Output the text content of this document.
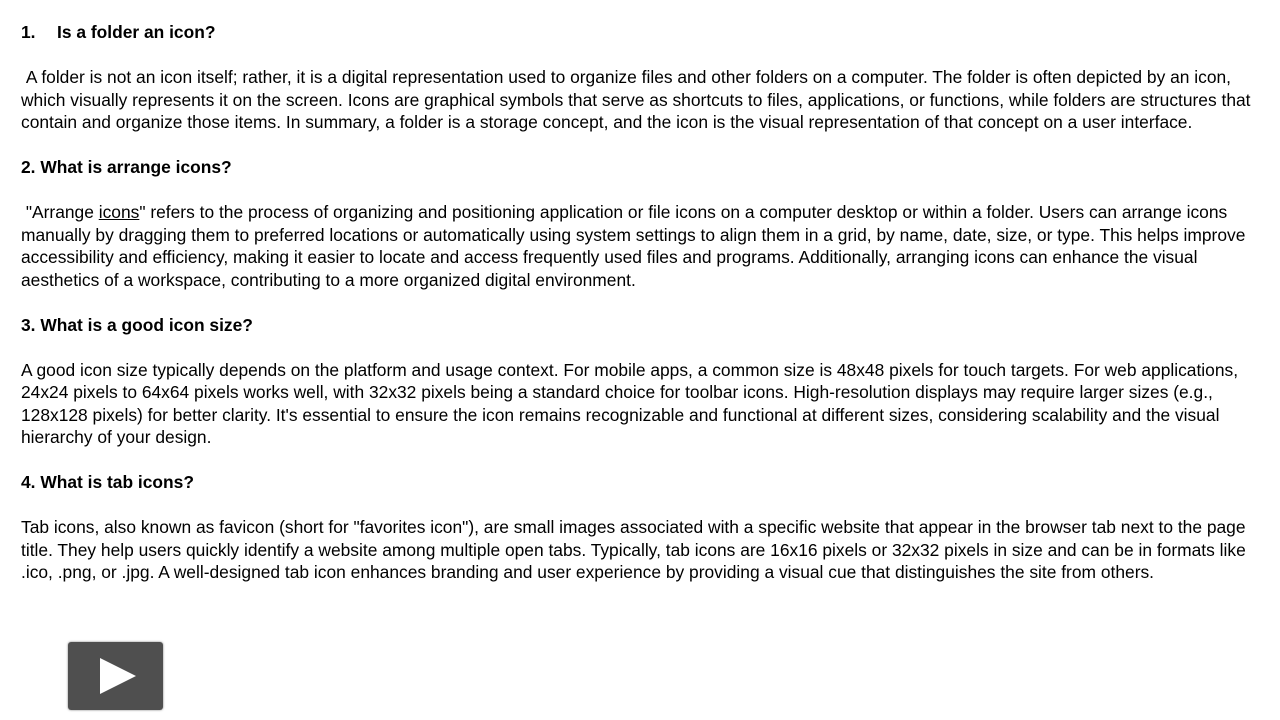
1. Is a folder an icon?

A folder is not an icon itself; rather, it is a digital representation used to organize files and other folders on a computer. The folder is often depicted by an icon, which visually represents it on the screen. Icons are graphical symbols that serve as shortcuts to files, applications, or functions, while folders are structures that contain and organize those items. In summary, a folder is a storage concept, and the icon is the visual representation of that concept on a user interface.

2. What is arrange icons?

"Arrange icons" refers to the process of organizing and positioning application or file icons on a computer desktop or within a folder. Users can arrange icons manually by dragging them to preferred locations or automatically using system settings to align them in a grid, by name, date, size, or type. This helps improve accessibility and efficiency, making it easier to locate and access frequently used files and programs. Additionally, arranging icons can enhance the visual aesthetics of a workspace, contributing to a more organized digital environment.

3. What is a good icon size?

A good icon size typically depends on the platform and usage context. For mobile apps, a common size is 48x48 pixels for touch targets. For web applications, 24x24 pixels to 64x64 pixels works well, with 32x32 pixels being a standard choice for toolbar icons. High-resolution displays may require larger sizes (e.g., 128x128 pixels) for better clarity. It's essential to ensure the icon remains recognizable and functional at different sizes, considering scalability and the visual hierarchy of your design.

4. What is tab icons?

Tab icons, also known as favicon (short for "favorites icon"), are small images associated with a specific website that appear in the browser tab next to the page title. They help users quickly identify a website among multiple open tabs. Typically, tab icons are 16x16 pixels or 32x32 pixels in size and can be in formats like .ico, .png, or .jpg. A well-designed tab icon enhances branding and user experience by providing a visual cue that distinguishes the site from others.
